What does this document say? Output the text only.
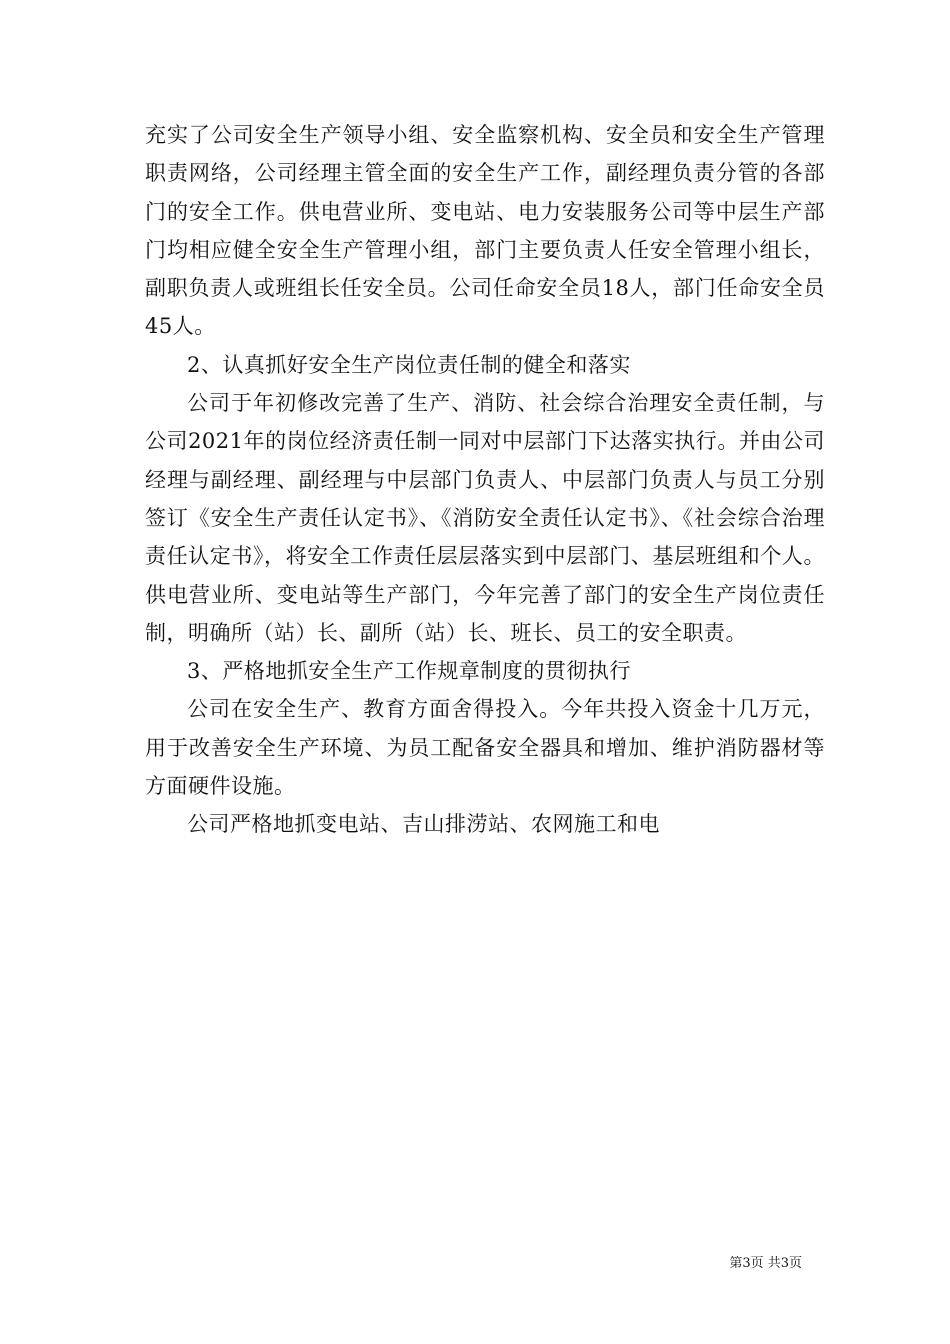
充实了公司安全生产领导小组、安全监察机构、安全员和安全生产管理职责网络，公司经理主管全面的安全生产工作，副经理负责分管的各部门的安全工作。供电营业所、变电站、电力安装服务公司等中层生产部门均相应健全安全生产管理小组，部门主要负责人任安全管理小组长，副职负责人或班组长任安全员。公司任命安全员18人，部门任命安全员45人。

2、认真抓好安全生产岗位责任制的健全和落实

公司于年初修改完善了生产、消防、社会综合治理安全责任制，与公司2021年的岗位经济责任制一同对中层部门下达落实执行。并由公司经理与副经理、副经理与中层部门负责人、中层部门负责人与员工分别签订《安全生产责任认定书》、《消防安全责任认定书》、《社会综合治理责任认定书》，将安全工作责任层层落实到中层部门、基层班组和个人。供电营业所、变电站等生产部门，今年完善了部门的安全生产岗位责任制，明确所（站）长、副所（站）长、班长、员工的安全职责。

3、严格地抓安全生产工作规章制度的贯彻执行

公司在安全生产、教育方面舍得投入。今年共投入资金十几万元，用于改善安全生产环境、为员工配备安全器具和增加、维护消防器材等方面硬件设施。

公司严格地抓变电站、吉山排涝站、农网施工和电

第3页 共3页
